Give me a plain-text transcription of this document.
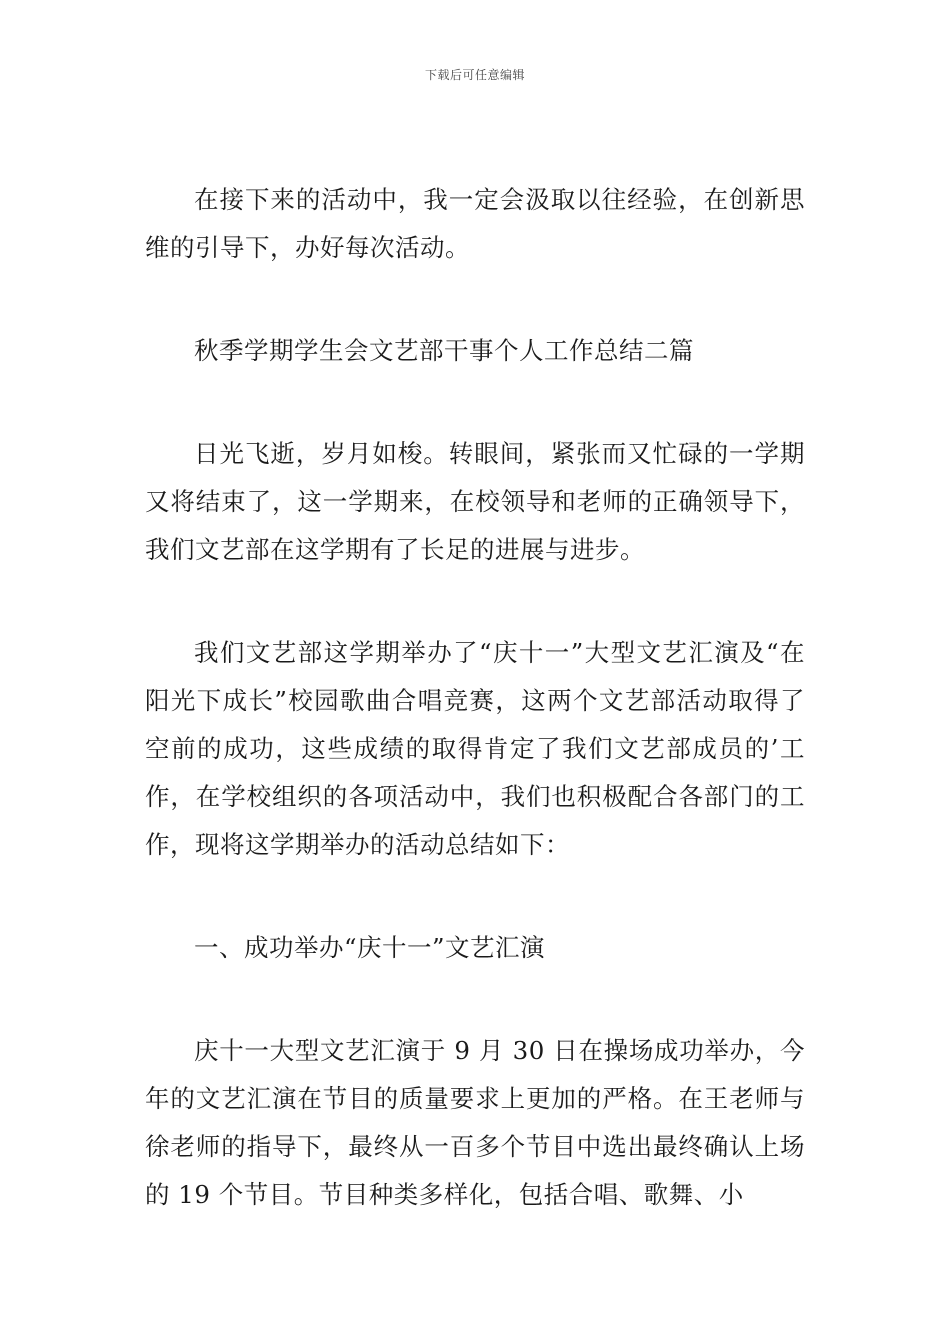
下载后可任意编辑

在接下来的活动中，我一定会汲取以往经验，在创新思维的引导下，办好每次活动。

秋季学期学生会文艺部干事个人工作总结二篇

日光飞逝，岁月如梭。转眼间，紧张而又忙碌的一学期又将结束了，这一学期来，在校领导和老师的正确领导下，我们文艺部在这学期有了长足的进展与进步。

我们文艺部这学期举办了“庆十一”大型文艺汇演及“在阳光下成长”校园歌曲合唱竞赛，这两个文艺部活动取得了空前的成功，这些成绩的取得肯定了我们文艺部成员的’工作，在学校组织的各项活动中，我们也积极配合各部门的工作，现将这学期举办的活动总结如下：

一、成功举办“庆十一”文艺汇演

庆十一大型文艺汇演于 9 月 30 日在操场成功举办，今年的文艺汇演在节目的质量要求上更加的严格。在王老师与徐老师的指导下，最终从一百多个节目中选出最终确认上场的 19 个节目。节目种类多样化，包括合唱、歌舞、小
